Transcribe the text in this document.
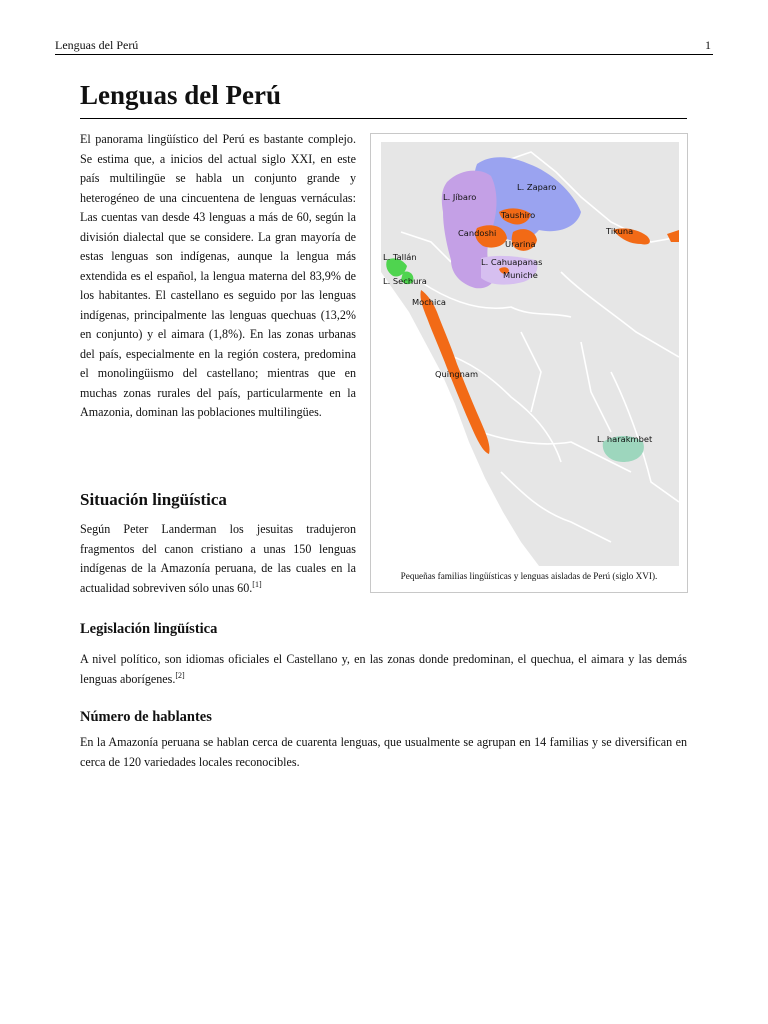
Lenguas del Perú	1
Lenguas del Perú

El panorama lingüístico del Perú es bastante complejo. Se estima que, a inicios del actual siglo XXI, en este país multilingüe se habla un conjunto grande y heterogéneo de una cincuentena de lenguas vernáculas: Las cuentas van desde 43 lenguas a más de 60, según la división dialectal que se considere. La gran mayoría de estas lenguas son indígenas, aunque la lengua más extendida es el español, la lengua materna del 83,9% de los habitantes. El castellano es seguido por las lenguas indígenas, principalmente las lenguas quechuas (13,2% en conjunto) y el aimara (1,8%). En las zonas urbanas del país, especialmente en la región costera, predomina el monolingüismo del castellano; mientras que en muchas zonas rurales del país, particularmente en la Amazonia, dominan las poblaciones multilingües.

L. Zaparo
L. Jíbaro
Taushiro
Candoshi
Urarina
Tikuna
L. Tallán	L. Cahuapanas
L. Sechura
Muniche
Mochica
Quingnam
L. harakmbet
Pequeñas familias lingüísticas y lenguas aisladas de Perú (siglo XVI).
Situación lingüística

Según Peter Landerman los jesuitas tradujeron fragmentos del canon cristiano a unas 150 lenguas indígenas de la Amazonía peruana, de las cuales en la actualidad sobreviven sólo unas 60.[1]

Legislación lingüística

A nivel político, son idiomas oficiales el Castellano y, en las zonas donde predominan, el quechua, el aimara y las demás lenguas aborígenes.[2]

Número de hablantes

En la Amazonía peruana se hablan cerca de cuarenta lenguas, que usualmente se agrupan en 14 familias y se diversifican en cerca de 120 variedades locales reconocibles.
